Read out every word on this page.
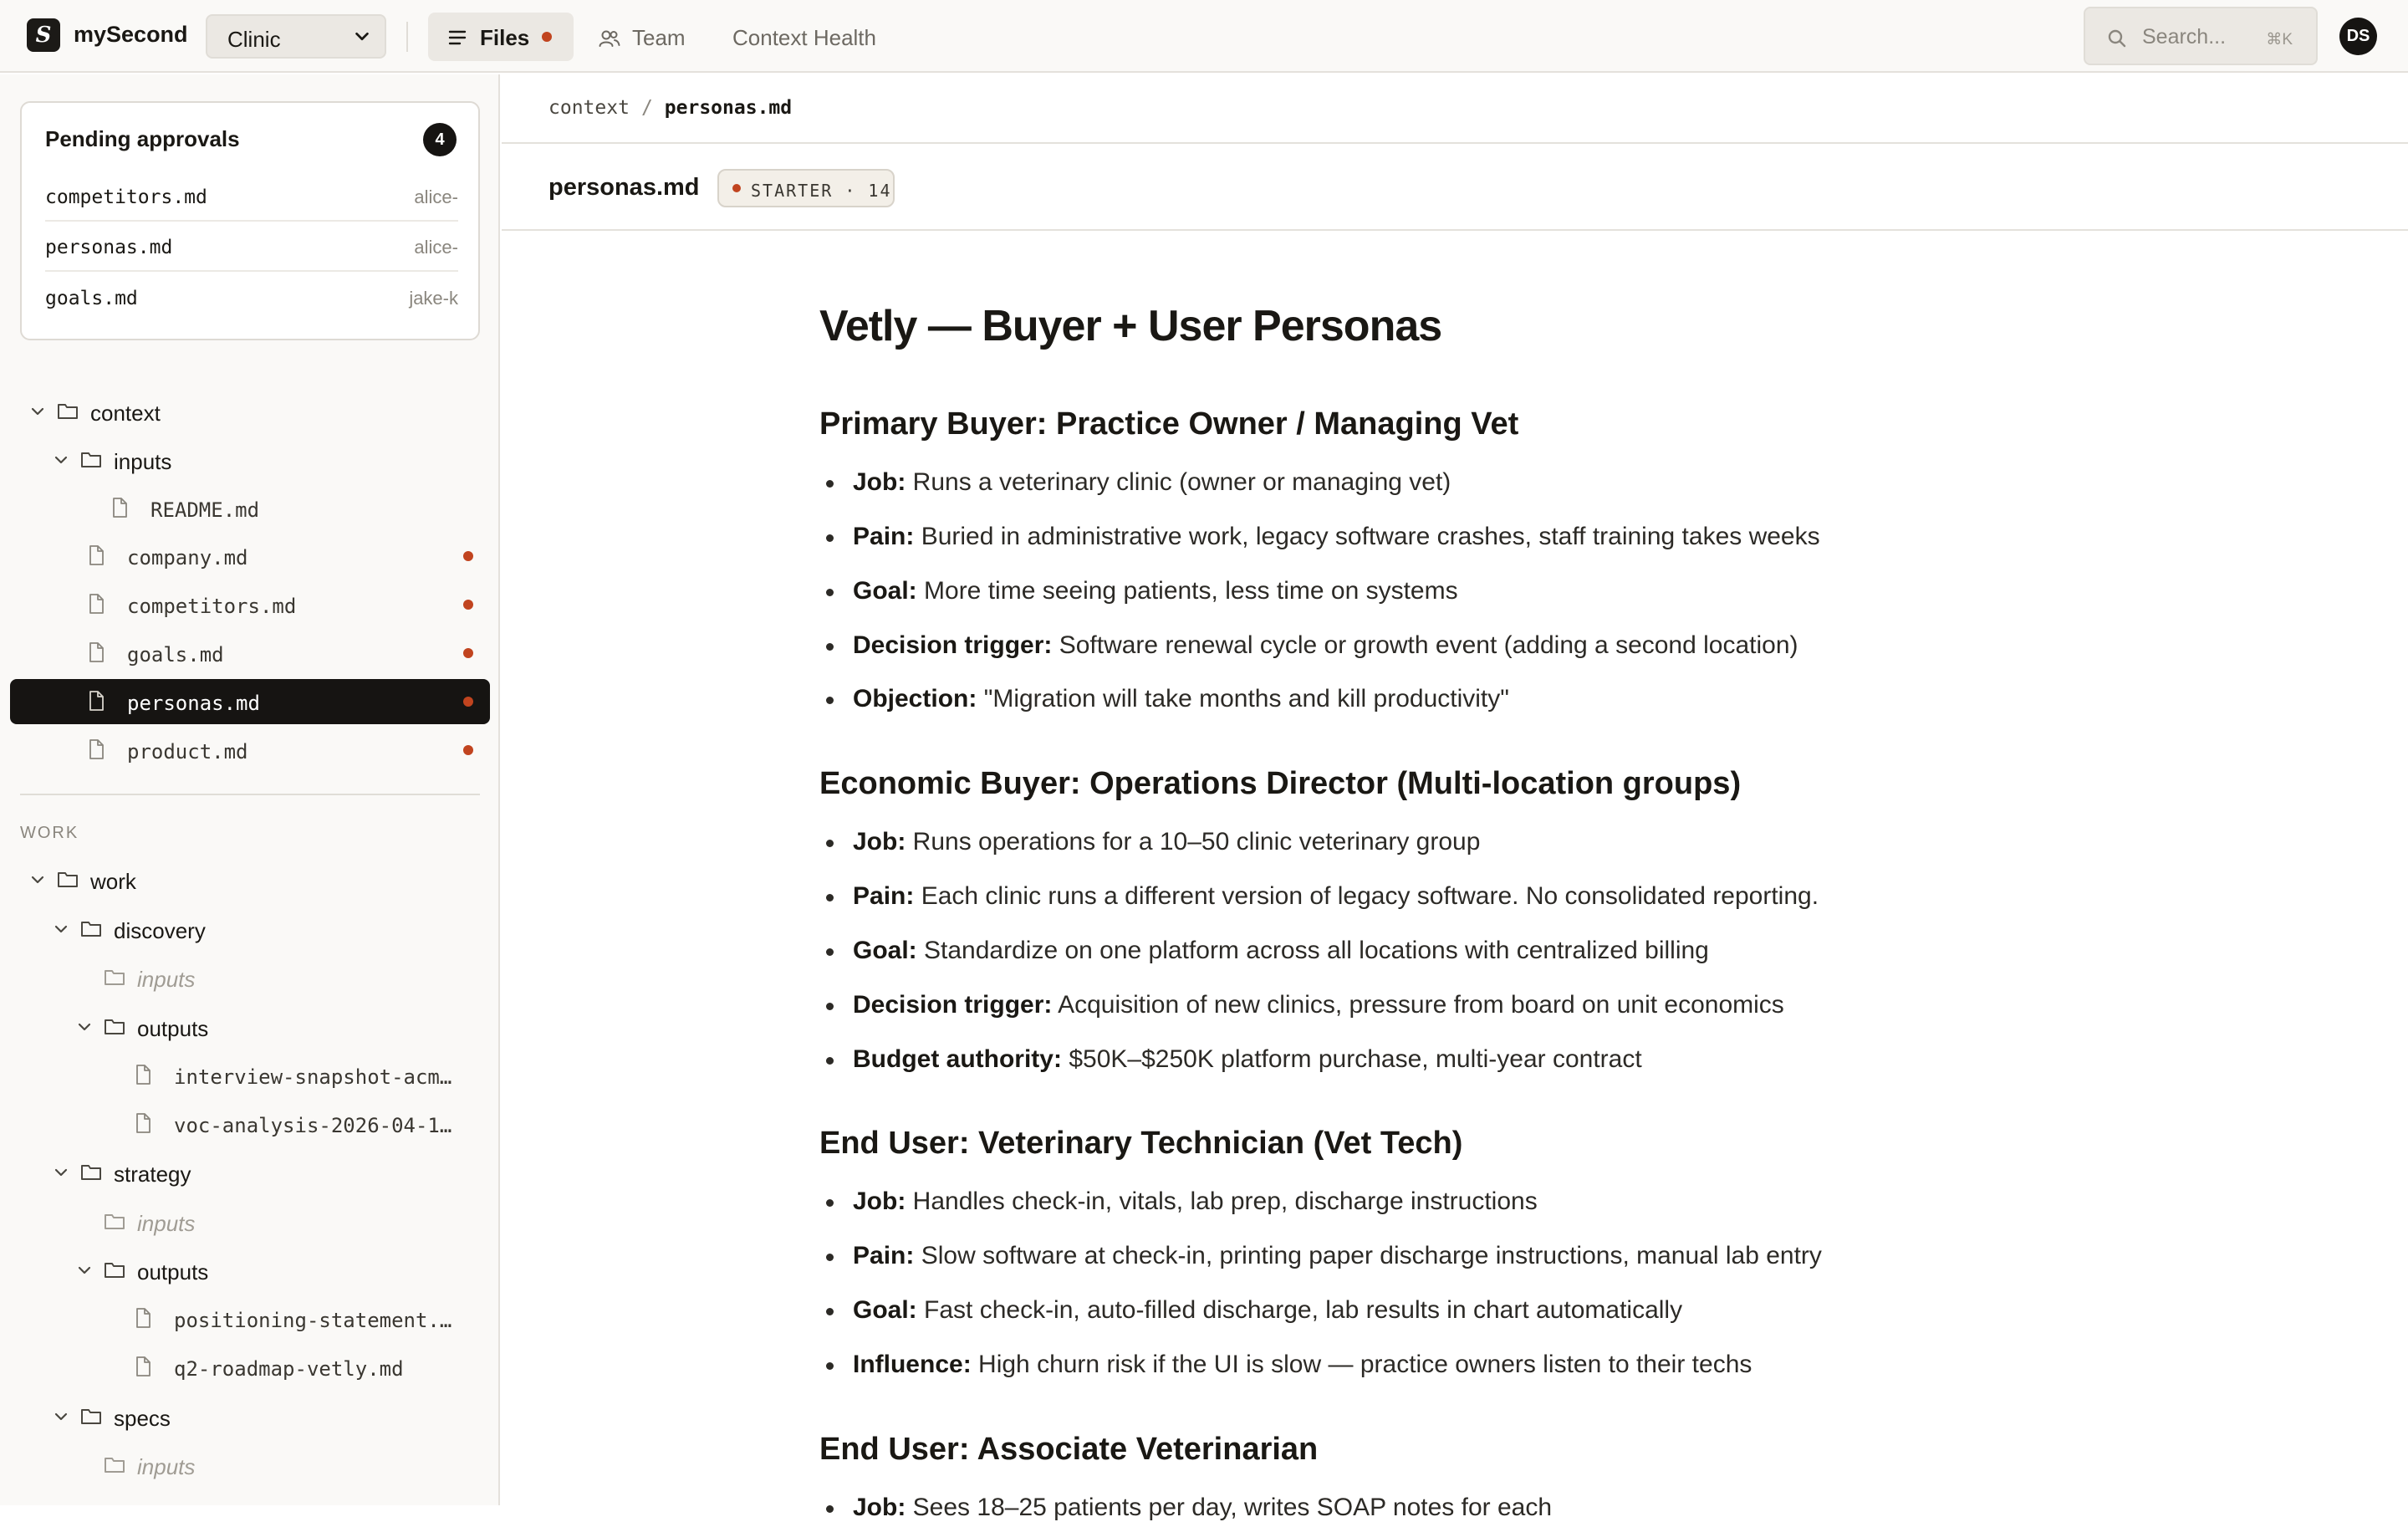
S mySecond Clinic	Files	Team Context Health
Search...	⌘K	DS
Pending approvals	4
competitors.md	alice-
personas.md	alice-
goals.md	jake-k
context
inputs
README.md
company.md
competitors.md
goals.md
personas.md
product.md
WORK
work
discovery
inputs
outputs
interview-snapshot-acm…
voc-analysis-2026-04-1…
strategy
inputs
outputs
positioning-statement.…
q2-roadmap-vetly.md
specs
inputs
context / personas.md
personas.md	STARTER · 14
Vetly — Buyer + User Personas
Primary Buyer: Practice Owner / Managing Vet
Job: Runs a veterinary clinic (owner or managing vet)
Pain: Buried in administrative work, legacy software crashes, staff training takes weeks
Goal: More time seeing patients, less time on systems
Decision trigger: Software renewal cycle or growth event (adding a second location)
Objection: "Migration will take months and kill productivity"
Economic Buyer: Operations Director (Multi-location groups)
Job: Runs operations for a 10–50 clinic veterinary group
Pain: Each clinic runs a different version of legacy software. No consolidated reporting.
Goal: Standardize on one platform across all locations with centralized billing
Decision trigger: Acquisition of new clinics, pressure from board on unit economics
Budget authority: $50K–$250K platform purchase, multi-year contract
End User: Veterinary Technician (Vet Tech)
Job: Handles check-in, vitals, lab prep, discharge instructions
Pain: Slow software at check-in, printing paper discharge instructions, manual lab entry
Goal: Fast check-in, auto-filled discharge, lab results in chart automatically
Influence: High churn risk if the UI is slow — practice owners listen to their techs
End User: Associate Veterinarian
Job: Sees 18–25 patients per day, writes SOAP notes for each
